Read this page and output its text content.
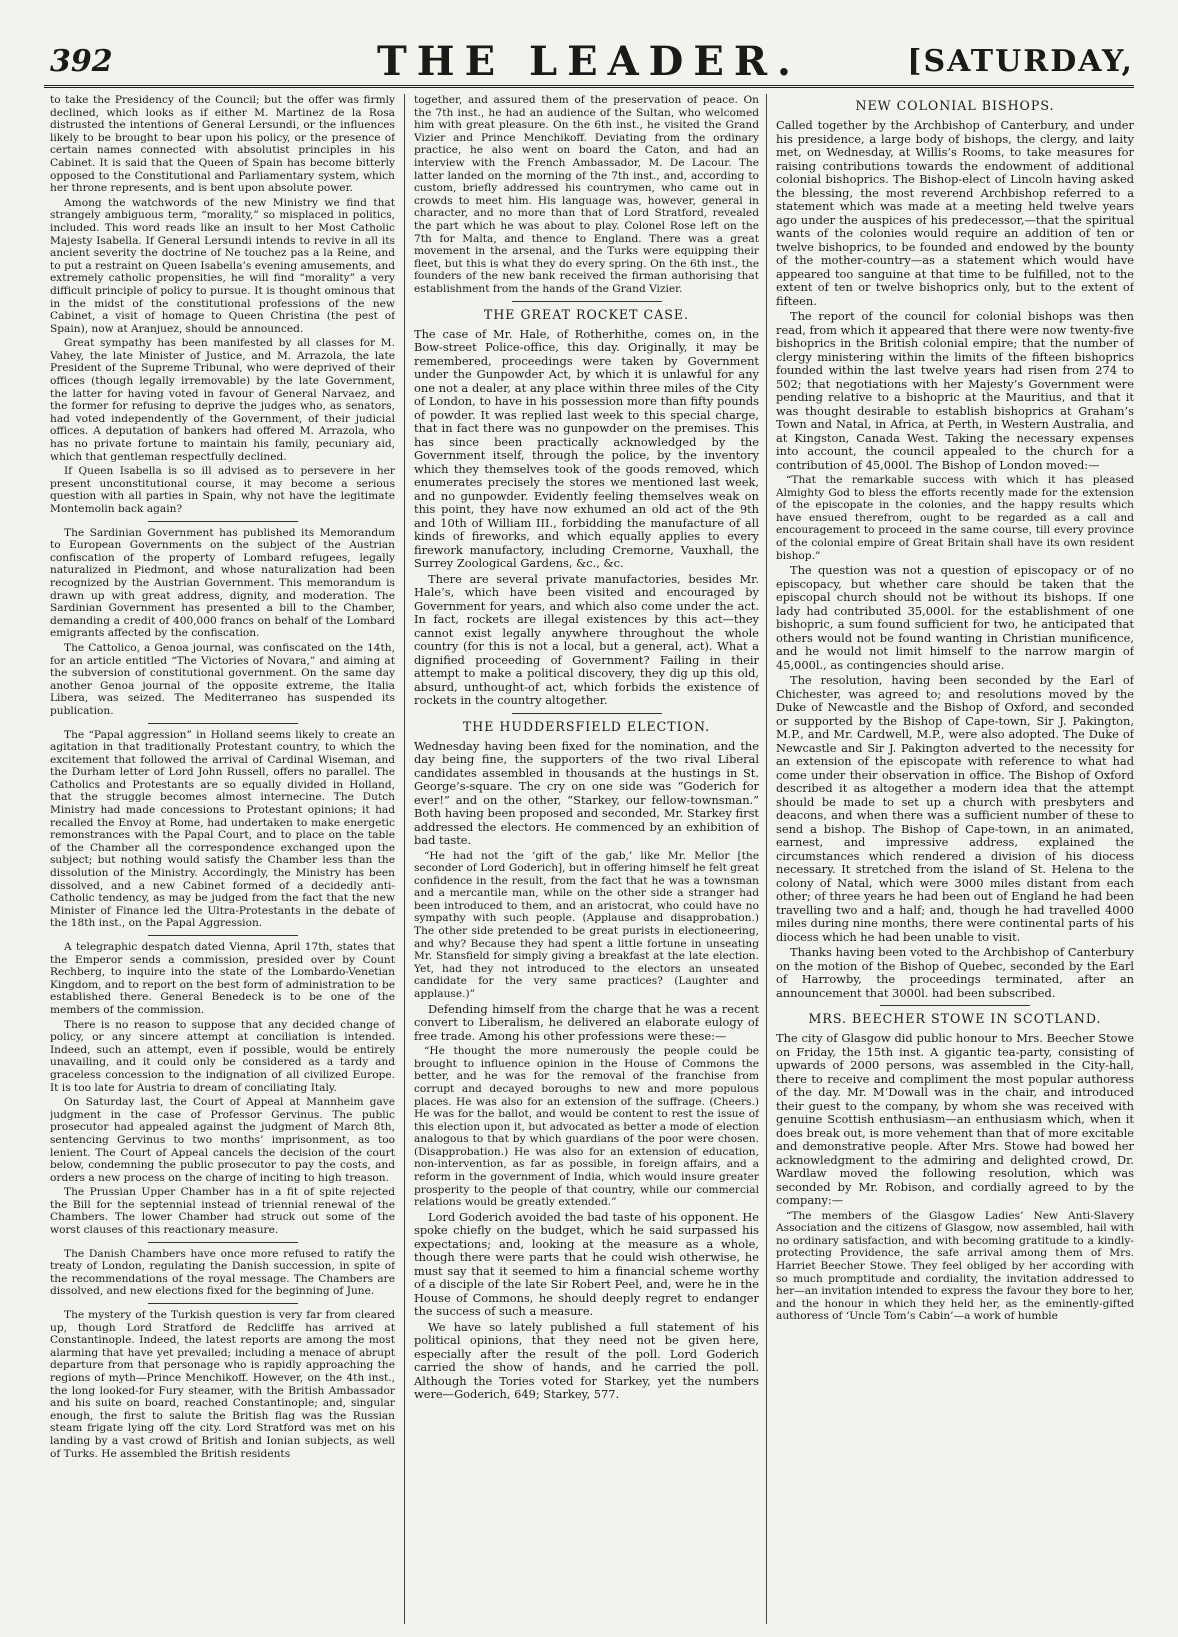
392	THE LEADER.	[SATURDAY,

to take the Presidency of the Council; but the offer was firmly declined, which looks as if either M. Martinez de la Rosa distrusted the intentions of General Lersundi, or the influences likely to be brought to bear upon his policy, or the presence of certain names connected with absolutist principles in his Cabinet. It is said that the Queen of Spain has become bitterly opposed to the Constitutional and Parliamentary system, which her throne represents, and is bent upon absolute power.

Among the watchwords of the new Ministry we find that strangely ambiguous term, “morality,” so misplaced in politics, included. This word reads like an insult to her Most Catholic Majesty Isabella. If General Lersundi intends to revive in all its ancient severity the doctrine of Ne touchez pas a la Reine, and to put a restraint on Queen Isabella’s evening amusements, and extremely catholic propensities, he will find “morality” a very difficult principle of policy to pursue. It is thought ominous that in the midst of the constitutional professions of the new Cabinet, a visit of homage to Queen Christina (the pest of Spain), now at Aranjuez, should be announced.

Great sympathy has been manifested by all classes for M. Vahey, the late Minister of Justice, and M. Arrazola, the late President of the Supreme Tribunal, who were deprived of their offices (though legally irremovable) by the late Government, the latter for having voted in favour of General Narvaez, and the former for refusing to deprive the judges who, as senators, had voted independently of the Government, of their judicial offices. A deputation of bankers had offered M. Arrazola, who has no private fortune to maintain his family, pecuniary aid, which that gentleman respectfully declined.

If Queen Isabella is so ill advised as to persevere in her present unconstitutional course, it may become a serious question with all parties in Spain, why not have the legitimate Montemolin back again?

The Sardinian Government has published its Memorandum to European Governments on the subject of the Austrian confiscation of the property of Lombard refugees, legally naturalized in Piedmont, and whose naturalization had been recognized by the Austrian Government. This memorandum is drawn up with great address, dignity, and moderation. The Sardinian Government has presented a bill to the Chamber, demanding a credit of 400,000 francs on behalf of the Lombard emigrants affected by the confiscation.

The Cattolico, a Genoa journal, was confiscated on the 14th, for an article entitled “The Victories of Novara,” and aiming at the subversion of constitutional government. On the same day another Genoa journal of the opposite extreme, the Italia Libera, was seized. The Mediterraneo has suspended its publication.

The “Papal aggression” in Holland seems likely to create an agitation in that traditionally Protestant country, to which the excitement that followed the arrival of Cardinal Wiseman, and the Durham letter of Lord John Russell, offers no parallel. The Catholics and Protestants are so equally divided in Holland, that the struggle becomes almost internecine. The Dutch Ministry had made concessions to Protestant opinions; it had recalled the Envoy at Rome, had undertaken to make energetic remonstrances with the Papal Court, and to place on the table of the Chamber all the correspondence exchanged upon the subject; but nothing would satisfy the Chamber less than the dissolution of the Ministry. Accordingly, the Ministry has been dissolved, and a new Cabinet formed of a decidedly anti-Catholic tendency, as may be judged from the fact that the new Minister of Finance led the Ultra-Protestants in the debate of the 18th inst., on the Papal Aggression.

A telegraphic despatch dated Vienna, April 17th, states that the Emperor sends a commission, presided over by Count Rechberg, to inquire into the state of the Lombardo-Venetian Kingdom, and to report on the best form of administration to be established there. General Benedeck is to be one of the members of the commission.

There is no reason to suppose that any decided change of policy, or any sincere attempt at conciliation is intended. Indeed, such an attempt, even if possible, would be entirely unavailing, and it could only be considered as a tardy and graceless concession to the indignation of all civilized Europe. It is too late for Austria to dream of conciliating Italy.

On Saturday last, the Court of Appeal at Mannheim gave judgment in the case of Professor Gervinus. The public prosecutor had appealed against the judgment of March 8th, sentencing Gervinus to two months’ imprisonment, as too lenient. The Court of Appeal cancels the decision of the court below, condemning the public prosecutor to pay the costs, and orders a new process on the charge of inciting to high treason.

The Prussian Upper Chamber has in a fit of spite rejected the Bill for the septennial instead of triennial renewal of the Chambers. The lower Chamber had struck out some of the worst clauses of this reactionary measure.

The Danish Chambers have once more refused to ratify the treaty of London, regulating the Danish succession, in spite of the recommendations of the royal message. The Chambers are dissolved, and new elections fixed for the beginning of June.

The mystery of the Turkish question is very far from cleared up, though Lord Stratford de Redcliffe has arrived at Constantinople. Indeed, the latest reports are among the most alarming that have yet prevailed; including a menace of abrupt departure from that personage who is rapidly approaching the regions of myth—Prince Menchikoff. However, on the 4th inst., the long looked-for Fury steamer, with the British Ambassador and his suite on board, reached Constantinople; and, singular enough, the first to salute the British flag was the Russian steam frigate lying off the city. Lord Stratford was met on his landing by a vast crowd of British and Ionian subjects, as well of Turks. He assembled the British residents

together, and assured them of the preservation of peace. On the 7th inst., he had an audience of the Sultan, who welcomed him with great pleasure. On the 6th inst., he visited the Grand Vizier and Prince Menchikoff. Deviating from the ordinary practice, he also went on board the Caton, and had an interview with the French Ambassador, M. De Lacour. The latter landed on the morning of the 7th inst., and, according to custom, briefly addressed his countrymen, who came out in crowds to meet him. His language was, however, general in character, and no more than that of Lord Stratford, revealed the part which he was about to play. Colonel Rose left on the 7th for Malta, and thence to England. There was a great movement in the arsenal, and the Turks were equipping their fleet, but this is what they do every spring. On the 6th inst., the founders of the new bank received the firman authorising that establishment from the hands of the Grand Vizier.

THE GREAT ROCKET CASE.

The case of Mr. Hale, of Rotherhithe, comes on, in the Bow-street Police-office, this day. Originally, it may be remembered, proceedings were taken by Government under the Gunpowder Act, by which it is unlawful for any one not a dealer, at any place within three miles of the City of London, to have in his possession more than fifty pounds of powder. It was replied last week to this special charge, that in fact there was no gunpowder on the premises. This has since been practically acknowledged by the Government itself, through the police, by the inventory which they themselves took of the goods removed, which enumerates precisely the stores we mentioned last week, and no gunpowder. Evidently feeling themselves weak on this point, they have now exhumed an old act of the 9th and 10th of William III., forbidding the manufacture of all kinds of fireworks, and which equally applies to every firework manufactory, including Cremorne, Vauxhall, the Surrey Zoological Gardens, &c., &c.

There are several private manufactories, besides Mr. Hale’s, which have been visited and encouraged by Government for years, and which also come under the act. In fact, rockets are illegal existences by this act—they cannot exist legally anywhere throughout the whole country (for this is not a local, but a general, act). What a dignified proceeding of Government? Failing in their attempt to make a political discovery, they dig up this old, absurd, unthought-of act, which forbids the existence of rockets in the country altogether.

THE HUDDERSFIELD ELECTION.

Wednesday having been fixed for the nomination, and the day being fine, the supporters of the two rival Liberal candidates assembled in thousands at the hustings in St. George’s-square. The cry on one side was “Goderich for ever!” and on the other, “Starkey, our fellow-townsman.” Both having been proposed and seconded, Mr. Starkey first addressed the electors. He commenced by an exhibition of bad taste.

“He had not the ‘gift of the gab,’ like Mr. Mellor [the seconder of Lord Goderich], but in offering himself he felt great confidence in the result, from the fact that he was a townsman and a mercantile man, while on the other side a stranger had been introduced to them, and an aristocrat, who could have no sympathy with such people. (Applause and disapprobation.) The other side pretended to be great purists in electioneering, and why? Because they had spent a little fortune in unseating Mr. Stansfield for simply giving a breakfast at the late election. Yet, had they not introduced to the electors an unseated candidate for the very same practices? (Laughter and applause.)”

Defending himself from the charge that he was a recent convert to Liberalism, he delivered an elaborate eulogy of free trade. Among his other professions were these:—

“He thought the more numerously the people could be brought to influence opinion in the House of Commons the better, and he was for the removal of the franchise from corrupt and decayed boroughs to new and more populous places. He was also for an extension of the suffrage. (Cheers.) He was for the ballot, and would be content to rest the issue of this election upon it, but advocated as better a mode of election analogous to that by which guardians of the poor were chosen. (Disapprobation.) He was also for an extension of education, non-intervention, as far as possible, in foreign affairs, and a reform in the government of India, which would insure greater prosperity to the people of that country, while our commercial relations would be greatly extended.”

Lord Goderich avoided the bad taste of his opponent. He spoke chiefly on the budget, which he said surpassed his expectations; and, looking at the measure as a whole, though there were parts that he could wish otherwise, he must say that it seemed to him a financial scheme worthy of a disciple of the late Sir Robert Peel, and, were he in the House of Commons, he should deeply regret to endanger the success of such a measure.

We have so lately published a full statement of his political opinions, that they need not be given here, especially after the result of the poll. Lord Goderich carried the show of hands, and he carried the poll. Although the Tories voted for Starkey, yet the numbers were—Goderich, 649; Starkey, 577.

NEW COLONIAL BISHOPS.

Called together by the Archbishop of Canterbury, and under his presidence, a large body of bishops, the clergy, and laity met, on Wednesday, at Willis’s Rooms, to take measures for raising contributions towards the endowment of additional colonial bishoprics. The Bishop-elect of Lincoln having asked the blessing, the most reverend Archbishop referred to a statement which was made at a meeting held twelve years ago under the auspices of his predecessor,—that the spiritual wants of the colonies would require an addition of ten or twelve bishoprics, to be founded and endowed by the bounty of the mother-country—as a statement which would have appeared too sanguine at that time to be fulfilled, not to the extent of ten or twelve bishoprics only, but to the extent of fifteen.

The report of the council for colonial bishops was then read, from which it appeared that there were now twenty-five bishoprics in the British colonial empire; that the number of clergy ministering within the limits of the fifteen bishoprics founded within the last twelve years had risen from 274 to 502; that negotiations with her Majesty’s Government were pending relative to a bishopric at the Mauritius, and that it was thought desirable to establish bishoprics at Graham’s Town and Natal, in Africa, at Perth, in Western Australia, and at Kingston, Canada West. Taking the necessary expenses into account, the council appealed to the church for a contribution of 45,000l. The Bishop of London moved:—

“That the remarkable success with which it has pleased Almighty God to bless the efforts recently made for the extension of the episcopate in the colonies, and the happy results which have ensued therefrom, ought to be regarded as a call and encouragement to proceed in the same course, till every province of the colonial empire of Great Britain shall have its own resident bishop.”

The question was not a question of episcopacy or of no episcopacy, but whether care should be taken that the episcopal church should not be without its bishops. If one lady had contributed 35,000l. for the establishment of one bishopric, a sum found sufficient for two, he anticipated that others would not be found wanting in Christian munificence, and he would not limit himself to the narrow margin of 45,000l., as contingencies should arise.

The resolution, having been seconded by the Earl of Chichester, was agreed to; and resolutions moved by the Duke of Newcastle and the Bishop of Oxford, and seconded or supported by the Bishop of Cape-town, Sir J. Pakington, M.P., and Mr. Cardwell, M.P., were also adopted. The Duke of Newcastle and Sir J. Pakington adverted to the necessity for an extension of the episcopate with reference to what had come under their observation in office. The Bishop of Oxford described it as altogether a modern idea that the attempt should be made to set up a church with presbyters and deacons, and when there was a sufficient number of these to send a bishop. The Bishop of Cape-town, in an animated, earnest, and impressive address, explained the circumstances which rendered a division of his diocess necessary. It stretched from the island of St. Helena to the colony of Natal, which were 3000 miles distant from each other; of three years he had been out of England he had been travelling two and a half; and, though he had travelled 4000 miles during nine months, there were continental parts of his diocess which he had been unable to visit.

Thanks having been voted to the Archbishop of Canterbury on the motion of the Bishop of Quebec, seconded by the Earl of Harrowby, the proceedings terminated, after an announcement that 3000l. had been subscribed.

MRS. BEECHER STOWE IN SCOTLAND.

The city of Glasgow did public honour to Mrs. Beecher Stowe on Friday, the 15th inst. A gigantic tea-party, consisting of upwards of 2000 persons, was assembled in the City-hall, there to receive and compliment the most popular authoress of the day. Mr. M‘Dowall was in the chair, and introduced their guest to the company, by whom she was received with genuine Scottish enthusiasm—an enthusiasm which, when it does break out, is more vehement than that of more excitable and demonstrative people. After Mrs. Stowe had bowed her acknowledgment to the admiring and delighted crowd, Dr. Wardlaw moved the following resolution, which was seconded by Mr. Robison, and cordially agreed to by the company:—

“The members of the Glasgow Ladies’ New Anti-Slavery Association and the citizens of Glasgow, now assembled, hail with no ordinary satisfaction, and with becoming gratitude to a kindly-protecting Providence, the safe arrival among them of Mrs. Harriet Beecher Stowe. They feel obliged by her according with so much promptitude and cordiality, the invitation addressed to her—an invitation intended to express the favour they bore to her, and the honour in which they held her, as the eminently-gifted authoress of ‘Uncle Tom’s Cabin’—a work of humble
